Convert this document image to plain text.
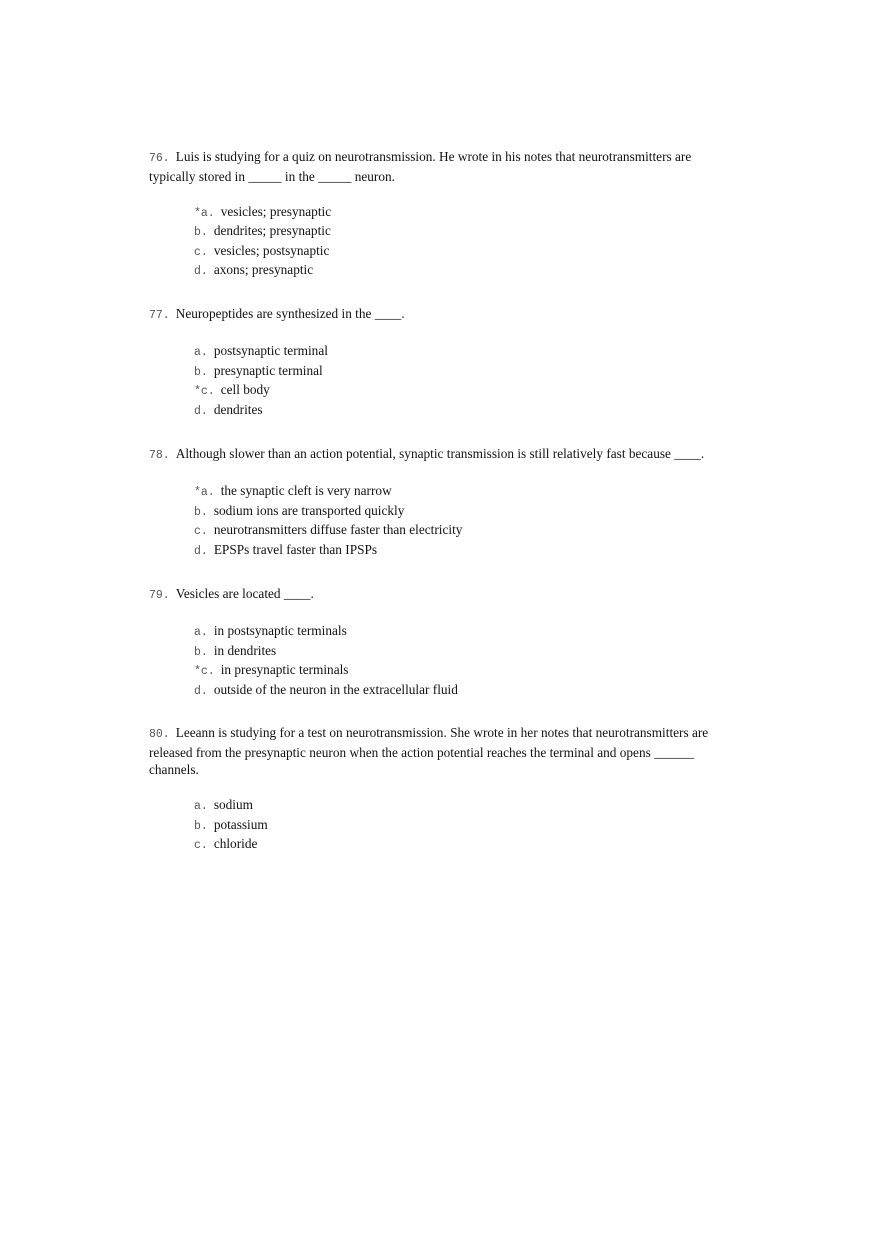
76. Luis is studying for a quiz on neurotransmission. He wrote in his notes that neurotransmitters are typically stored in _____ in the _____ neuron.
*a. vesicles; presynaptic
b. dendrites; presynaptic
c. vesicles; postsynaptic
d. axons; presynaptic
77. Neuropeptides are synthesized in the ____.
a. postsynaptic terminal
b. presynaptic terminal
*c. cell body
d. dendrites
78. Although slower than an action potential, synaptic transmission is still relatively fast because ____.
*a. the synaptic cleft is very narrow
b. sodium ions are transported quickly
c. neurotransmitters diffuse faster than electricity
d. EPSPs travel faster than IPSPs
79. Vesicles are located ____.
a. in postsynaptic terminals
b. in dendrites
*c. in presynaptic terminals
d. outside of the neuron in the extracellular fluid
80. Leeann is studying for a test on neurotransmission. She wrote in her notes that neurotransmitters are released from the presynaptic neuron when the action potential reaches the terminal and opens ______ channels.
a. sodium
b. potassium
c. chloride
